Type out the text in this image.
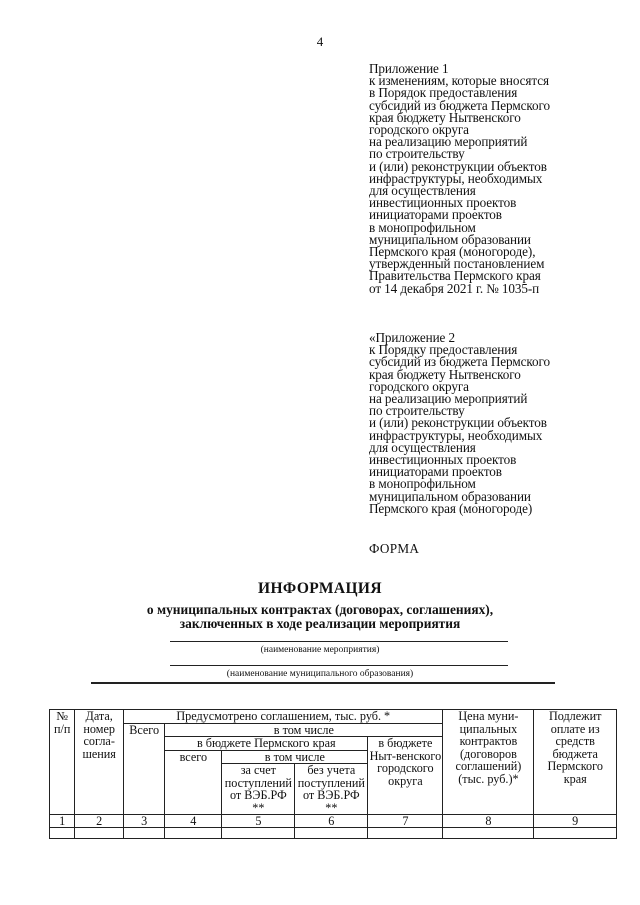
4
Приложение 1
к изменениям, которые вносятся
в Порядок предоставления
субсидий из бюджета Пермского
края бюджету Нытвенского
городского округа
на реализацию мероприятий
по строительству
и (или) реконструкции объектов
инфраструктуры, необходимых
для осуществления
инвестиционных проектов
инициаторами проектов
в монопрофильном
муниципальном образовании
Пермского края (моногороде),
утвержденный постановлением
Правительства Пермского края
от 14 декабря 2021 г. № 1035-п
«Приложение 2
к Порядку предоставления
субсидий из бюджета Пермского
края бюджету Нытвенского
городского округа
на реализацию мероприятий
по строительству
и (или) реконструкции объектов
инфраструктуры, необходимых
для осуществления
инвестиционных проектов
инициаторами проектов
в монопрофильном
муниципальном образовании
Пермского края (моногороде)
ФОРМА
ИНФОРМАЦИЯ
о муниципальных контрактах (договорах, соглашениях),
заключенных в ходе реализации мероприятия
(наименование мероприятия)
(наименование муниципального образования)
№ п/п	Дата, номер согла-шения	Предусмотрено соглашением, тыс. руб. *					Цена муни-ципальных контрактов (договоров соглашений) (тыс. руб.)*	Подлежит оплате из средств бюджета Пермского края
		Всего	в том числе					
			в бюджете Пермского края			в бюджете Ныт-венского городского округа		
			всего	в том числе				
				за счет поступлений от ВЭБ.РФ **	без учета поступлений от ВЭБ.РФ **			
1	2	3	4	5	6	7	8	9
